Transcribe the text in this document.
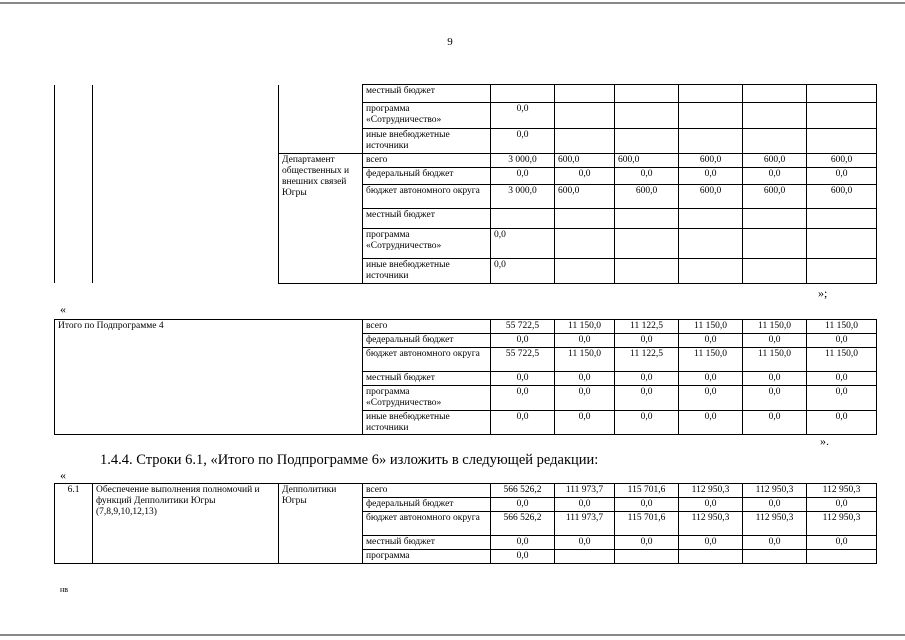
9
			местный бюджет						
			программа «Сотрудничество»	0,0					
			иные внебюджетные источники	0,0					
		Департамент общественных и внешних связей Югры	всего	3 000,0	600,0	600,0	600,0	600,0	600,0
			федеральный бюджет	0,0	0,0	0,0	0,0	0,0	0,0
			бюджет автономного округа	3 000,0	600,0	600,0	600,0	600,0	600,0
			местный бюджет						
			программа «Сотрудничество»	0,0					
			иные внебюджетные источники	0,0					
»;
«
Итого по Подпрограмме 4	всего	55 722,5	11 150,0	11 122,5	11 150,0	11 150,0	11 150,0
	федеральный бюджет	0,0	0,0	0,0	0,0	0,0	0,0
	бюджет автономного округа	55 722,5	11 150,0	11 122,5	11 150,0	11 150,0	11 150,0
	местный бюджет	0,0	0,0	0,0	0,0	0,0	0,0
	программа «Сотрудничество»	0,0	0,0	0,0	0,0	0,0	0,0
	иные внебюджетные источники	0,0	0,0	0,0	0,0	0,0	0,0
».
1.4.4. Строки 6.1, «Итого по Подпрограмме 6» изложить в следующей редакции:
«
6.1	Обеспечение выполнения полномочий и функций Депполитики Югры (7,8,9,10,12,13)	Депполитики Югры	всего	566 526,2	111 973,7	115 701,6	112 950,3	112 950,3	112 950,3
			федеральный бюджет	0,0	0,0	0,0	0,0	0,0	0,0
			бюджет автономного округа	566 526,2	111 973,7	115 701,6	112 950,3	112 950,3	112 950,3
			местный бюджет	0,0	0,0	0,0	0,0	0,0	0,0
			программа	0,0					
нв
